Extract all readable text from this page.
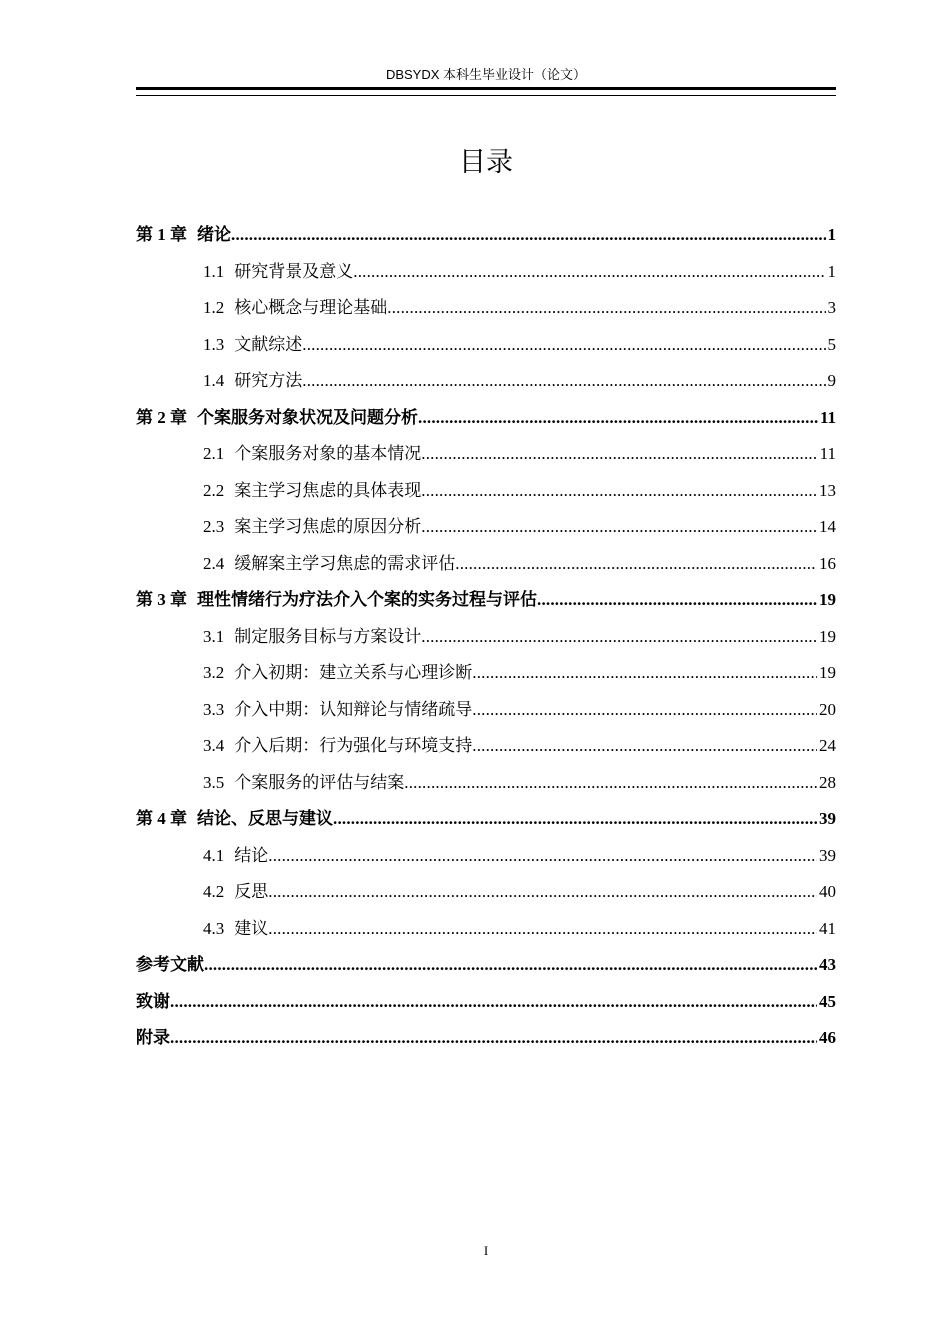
DBSYDX 本科生毕业设计（论文）
目录
第 1 章 绪论 .....	1
1.1 研究背景及意义 .....	1
1.2 核心概念与理论基础 .....	3
1.3 文献综述 .....	5
1.4 研究方法 .....	9
第 2 章 个案服务对象状况及问题分析 .....	11
2.1 个案服务对象的基本情况 .....	11
2.2 案主学习焦虑的具体表现 .....	13
2.3 案主学习焦虑的原因分析 .....	14
2.4 缓解案主学习焦虑的需求评估 .....	16
第 3 章 理性情绪行为疗法介入个案的实务过程与评估 .....	19
3.1 制定服务目标与方案设计 .....	19
3.2 介入初期：建立关系与心理诊断 .....	19
3.3 介入中期：认知辩论与情绪疏导 .....	20
3.4 介入后期：行为强化与环境支持 .....	24
3.5 个案服务的评估与结案 .....	28
第 4 章 结论、反思与建议 .....	39
4.1 结论 .....	39
4.2 反思 .....	40
4.3 建议 .....	41
参考文献 .....	43
致谢 .....	45
附录 .....	46
I
